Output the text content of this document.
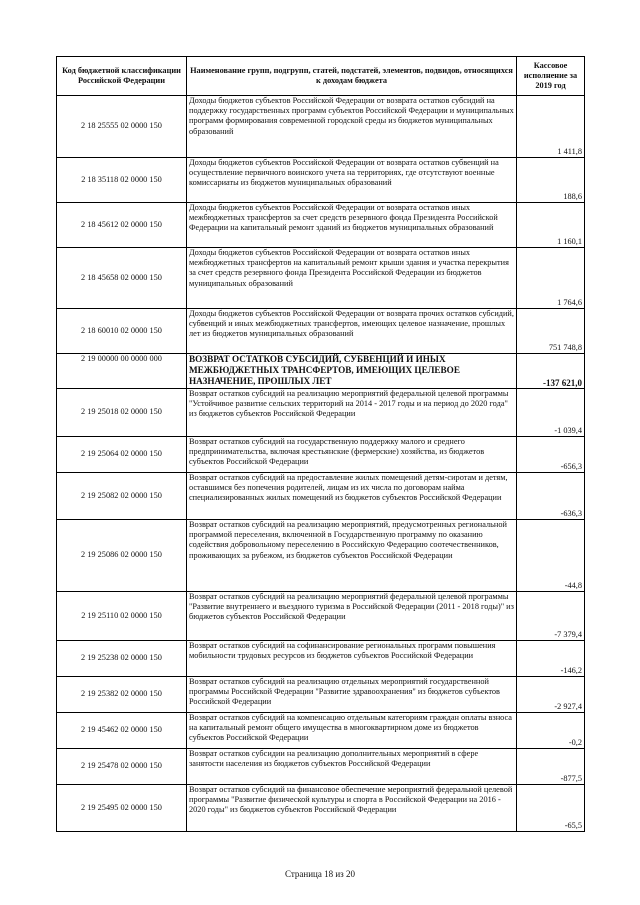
Код бюджетной классификации Российской Федерации	Наименование групп, подгрупп, статей, подстатей, элементов, подвидов, относящихся к доходам бюджета	Кассовое исполнение за 2019 год
2 18 25555 02 0000 150	Доходы бюджетов субъектов Российской Федерации от возврата остатков субсидий на поддержку государственных программ субъектов Российской Федерации и муниципальных программ формирования современной городской среды из бюджетов муниципальных образований	1 411,8
2 18 35118 02 0000 150	Доходы бюджетов субъектов Российской Федерации от возврата остатков субвенций на осуществление первичного воинского учета на территориях, где отсутствуют военные комиссариаты из бюджетов муниципальных образований	188,6
2 18 45612 02 0000 150	Доходы бюджетов субъектов Российской Федерации от возврата остатков иных межбюджетных трансфертов за счет средств резервного фонда Президента Российской Федерации на капитальный ремонт зданий из бюджетов муниципальных образований	1 160,1
2 18 45658 02 0000 150	Доходы бюджетов субъектов Российской Федерации от возврата остатков иных межбюджетных трансфертов на капитальный ремонт крыши здания и участка перекрытия за счет средств резервного фонда Президента Российской Федерации из бюджетов муниципальных образований	1 764,6
2 18 60010 02 0000 150	Доходы бюджетов субъектов Российской Федерации от возврата прочих остатков субсидий, субвенций и иных межбюджетных трансфертов, имеющих целевое назначение, прошлых лет из бюджетов муниципальных образований	751 748,8
2 19 00000 00 0000 000	ВОЗВРАТ ОСТАТКОВ СУБСИДИЙ, СУБВЕНЦИЙ И ИНЫХ МЕЖБЮДЖЕТНЫХ ТРАНСФЕРТОВ, ИМЕЮЩИХ ЦЕЛЕВОЕ НАЗНАЧЕНИЕ, ПРОШЛЫХ ЛЕТ	-137 621,0
2 19 25018 02 0000 150	Возврат остатков субсидий на реализацию мероприятий федеральной целевой программы "Устойчивое развитие сельских территорий на 2014 - 2017 годы и на период до 2020 года" из бюджетов субъектов Российской Федерации	-1 039,4
2 19 25064 02 0000 150	Возврат остатков субсидий на государственную поддержку малого и среднего предпринимательства, включая крестьянские (фермерские) хозяйства, из бюджетов субъектов Российской Федерации	-656,3
2 19 25082 02 0000 150	Возврат остатков субсидий на предоставление жилых помещений детям-сиротам и детям, оставшимся без попечения родителей, лицам из их числа по договорам найма специализированных жилых помещений из бюджетов субъектов Российской Федерации	-636,3
2 19 25086 02 0000 150	Возврат остатков субсидий на реализацию мероприятий, предусмотренных региональной программой переселения, включенной в Государственную программу по оказанию содействия добровольному переселению в Российскую Федерацию соотечественников, проживающих за рубежом, из бюджетов субъектов Российской Федерации	-44,8
2 19 25110 02 0000 150	Возврат остатков субсидий на реализацию мероприятий федеральной целевой программы "Развитие внутреннего и въездного туризма в Российской Федерации (2011 - 2018 годы)" из бюджетов субъектов Российской Федерации	-7 379,4
2 19 25238 02 0000 150	Возврат остатков субсидий на софинансирование региональных программ повышения мобильности трудовых ресурсов из бюджетов субъектов Российской Федерации	-146,2
2 19 25382 02 0000 150	Возврат остатков субсидий на реализацию отдельных мероприятий государственной программы Российской Федерации "Развитие здравоохранения" из бюджетов субъектов Российской Федерации	-2 927,4
2 19 45462 02 0000 150	Возврат остатков субсидий на компенсацию отдельным категориям граждан оплаты взноса на капитальный ремонт общего имущества в многоквартирном доме из бюджетов субъектов Российской Федерации	-0,2
2 19 25478 02 0000 150	Возврат остатков субсидии на реализацию дополнительных мероприятий в сфере занятости населения из бюджетов субъектов Российской Федерации	-877,5
2 19 25495 02 0000 150	Возврат остатков субсидий на финансовое обеспечение мероприятий федеральной целевой программы "Развитие физической культуры и спорта в Российской Федерации на 2016 - 2020 годы" из бюджетов субъектов Российской Федерации	-65,5
Страница 18 из 20
